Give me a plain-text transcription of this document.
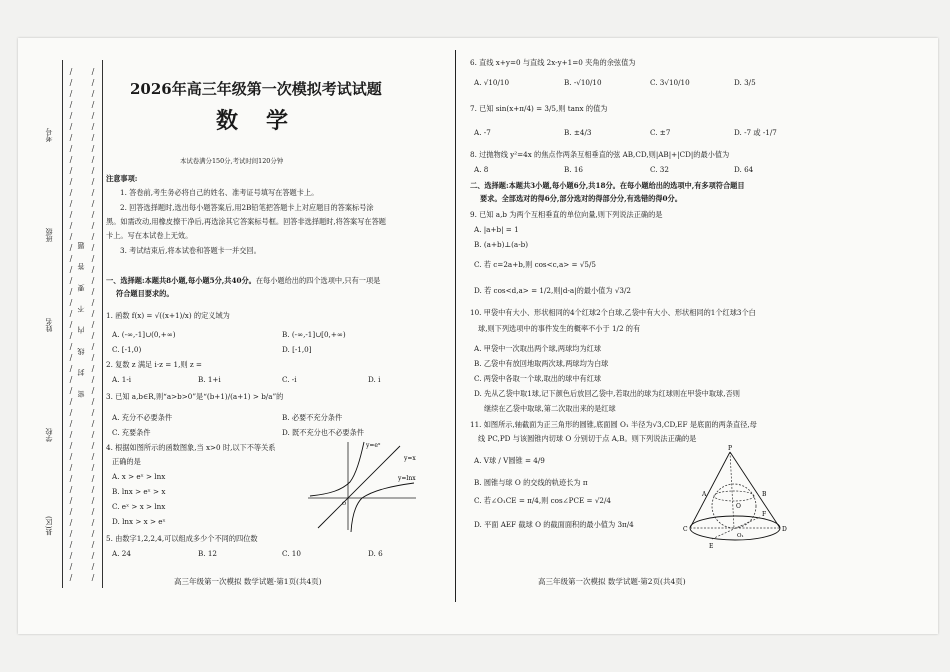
/
/
/
/
/
/
/
/
/
/
/
/
/
/
/
/
/
/
/
/
/
/
/
/
/
/
/
/
/
/
/
/
/
/
/
/
/
/
/
/
/
/
/
/
/
/
/
/
/
/
/
/
/
/
/
/
/
/
/
/
/
/
/
/
/
/
/
/
/
/
/
/
/
/
/
/
/
/
/
/
/
/
/
/
/
/
/
/
/
/
/
/
/
/
考号
班级
姓名
学校
县(区)
密 封 线 内 不 要 答 题
2026年高三年级第一次模拟考试试题
数学
本试卷满分150分,考试时间120分钟
注意事项:
1. 答卷前,考生务必将自己的姓名、准考证号填写在答题卡上。
2. 回答选择题时,选出每小题答案后,用2B铅笔把答题卡上对应题目的答案标号涂
黑。如需改动,用橡皮擦干净后,再选涂其它答案标号框。回答非选择题时,将答案写在答题
卡上。写在本试卷上无效。
3. 考试结束后,将本试卷和答题卡一并交回。
一、选择题:本题共8小题,每小题5分,共40分。在每小题给出的四个选项中,只有一项是
符合题目要求的。
1. 函数 f(x) = √((x+1)/x) 的定义域为
A. (-∞,-1]∪(0,+∞)	B. (-∞,-1]∪[0,+∞)
C. [-1,0)	D. [-1,0]
2. 复数 z 满足 i·z = 1,则 z =
A. 1-i	B. 1+i	C. -i	D. i
3. 已知 a,b∈R,则“a>b>0”是“(b+1)/(a+1) > b/a”的
A. 充分不必要条件	B. 必要不充分条件
C. 充要条件	D. 既不充分也不必要条件
4. 根据如图所示的函数图象,当 x>0 时,以下不等关系
正确的是
A. x > eˣ > lnx
B. lnx > eˣ > x
C. eˣ > x > lnx
D. lnx > x > eˣ
y=eˣ
y=x
y=lnx
O
5. 由数字1,2,2,4,可以组成多少个不同的四位数
A. 24	B. 12	C. 10	D. 6
高三年级第一次模拟 数学试题·第1页(共4页)
6. 直线 x+y=0 与直线 2x-y+1=0 夹角的余弦值为
A. √10/10	B. -√10/10	C. 3√10/10	D. 3/5
7. 已知 sin(x+π/4) = 3/5,则 tanx 的值为
A. -7	B. ±4/3	C. ±7	D. -7 或 -1/7
8. 过抛物线 y²=4x 的焦点作两条互相垂直的弦 AB,CD,则|AB|+|CD|的最小值为
A. 8	B. 16	C. 32	D. 64
二、选择题:本题共3小题,每小题6分,共18分。在每小题给出的选项中,有多项符合题目
要求。全部选对的得6分,部分选对的得部分分,有选错的得0分。
9. 已知 a,b 为两个互相垂直的单位向量,则下列说法正确的是
A. |a+b| = 1
B. (a+b)⊥(a-b)
C. 若 c=2a+b,则 cos<c,a> = √5/5
D. 若 cos<d,a> = 1/2,则|d-a|的最小值为 √3/2
10. 甲袋中有大小、形状相同的4个红球2个白球,乙袋中有大小、形状相同的1个红球3个白
球,则下列选项中的事件发生的概率不小于 1/2 的有
A. 甲袋中一次取出两个球,两球均为红球
B. 乙袋中有放回地取两次球,两球均为白球
C. 两袋中各取一个球,取出的球中有红球
D. 先从乙袋中取1球,记下颜色后放回乙袋中,若取出的球为红球则在甲袋中取球,否则
继续在乙袋中取球,第二次取出来的是红球
11. 如图所示,轴截面为正三角形的圆锥,底面圆 O₁ 半径为√3,CD,EF 是底面的两条直径,母
线 PC,PD 与该圆锥内切球 O 分别切于点 A,B。则下列说法正确的是
A. V球 / V圆锥 = 4/9
B. 圆锥与球 O 的交线的轨迹长为 π
C. 若∠O₁CE = π/4,则 cos∠PCE = √2/4
D. 平面 AEF 截球 O 的截面面积的最小值为 3π/4
P
A	B
O
C	D
E
F
O₁
高三年级第一次模拟 数学试题·第2页(共4页)
